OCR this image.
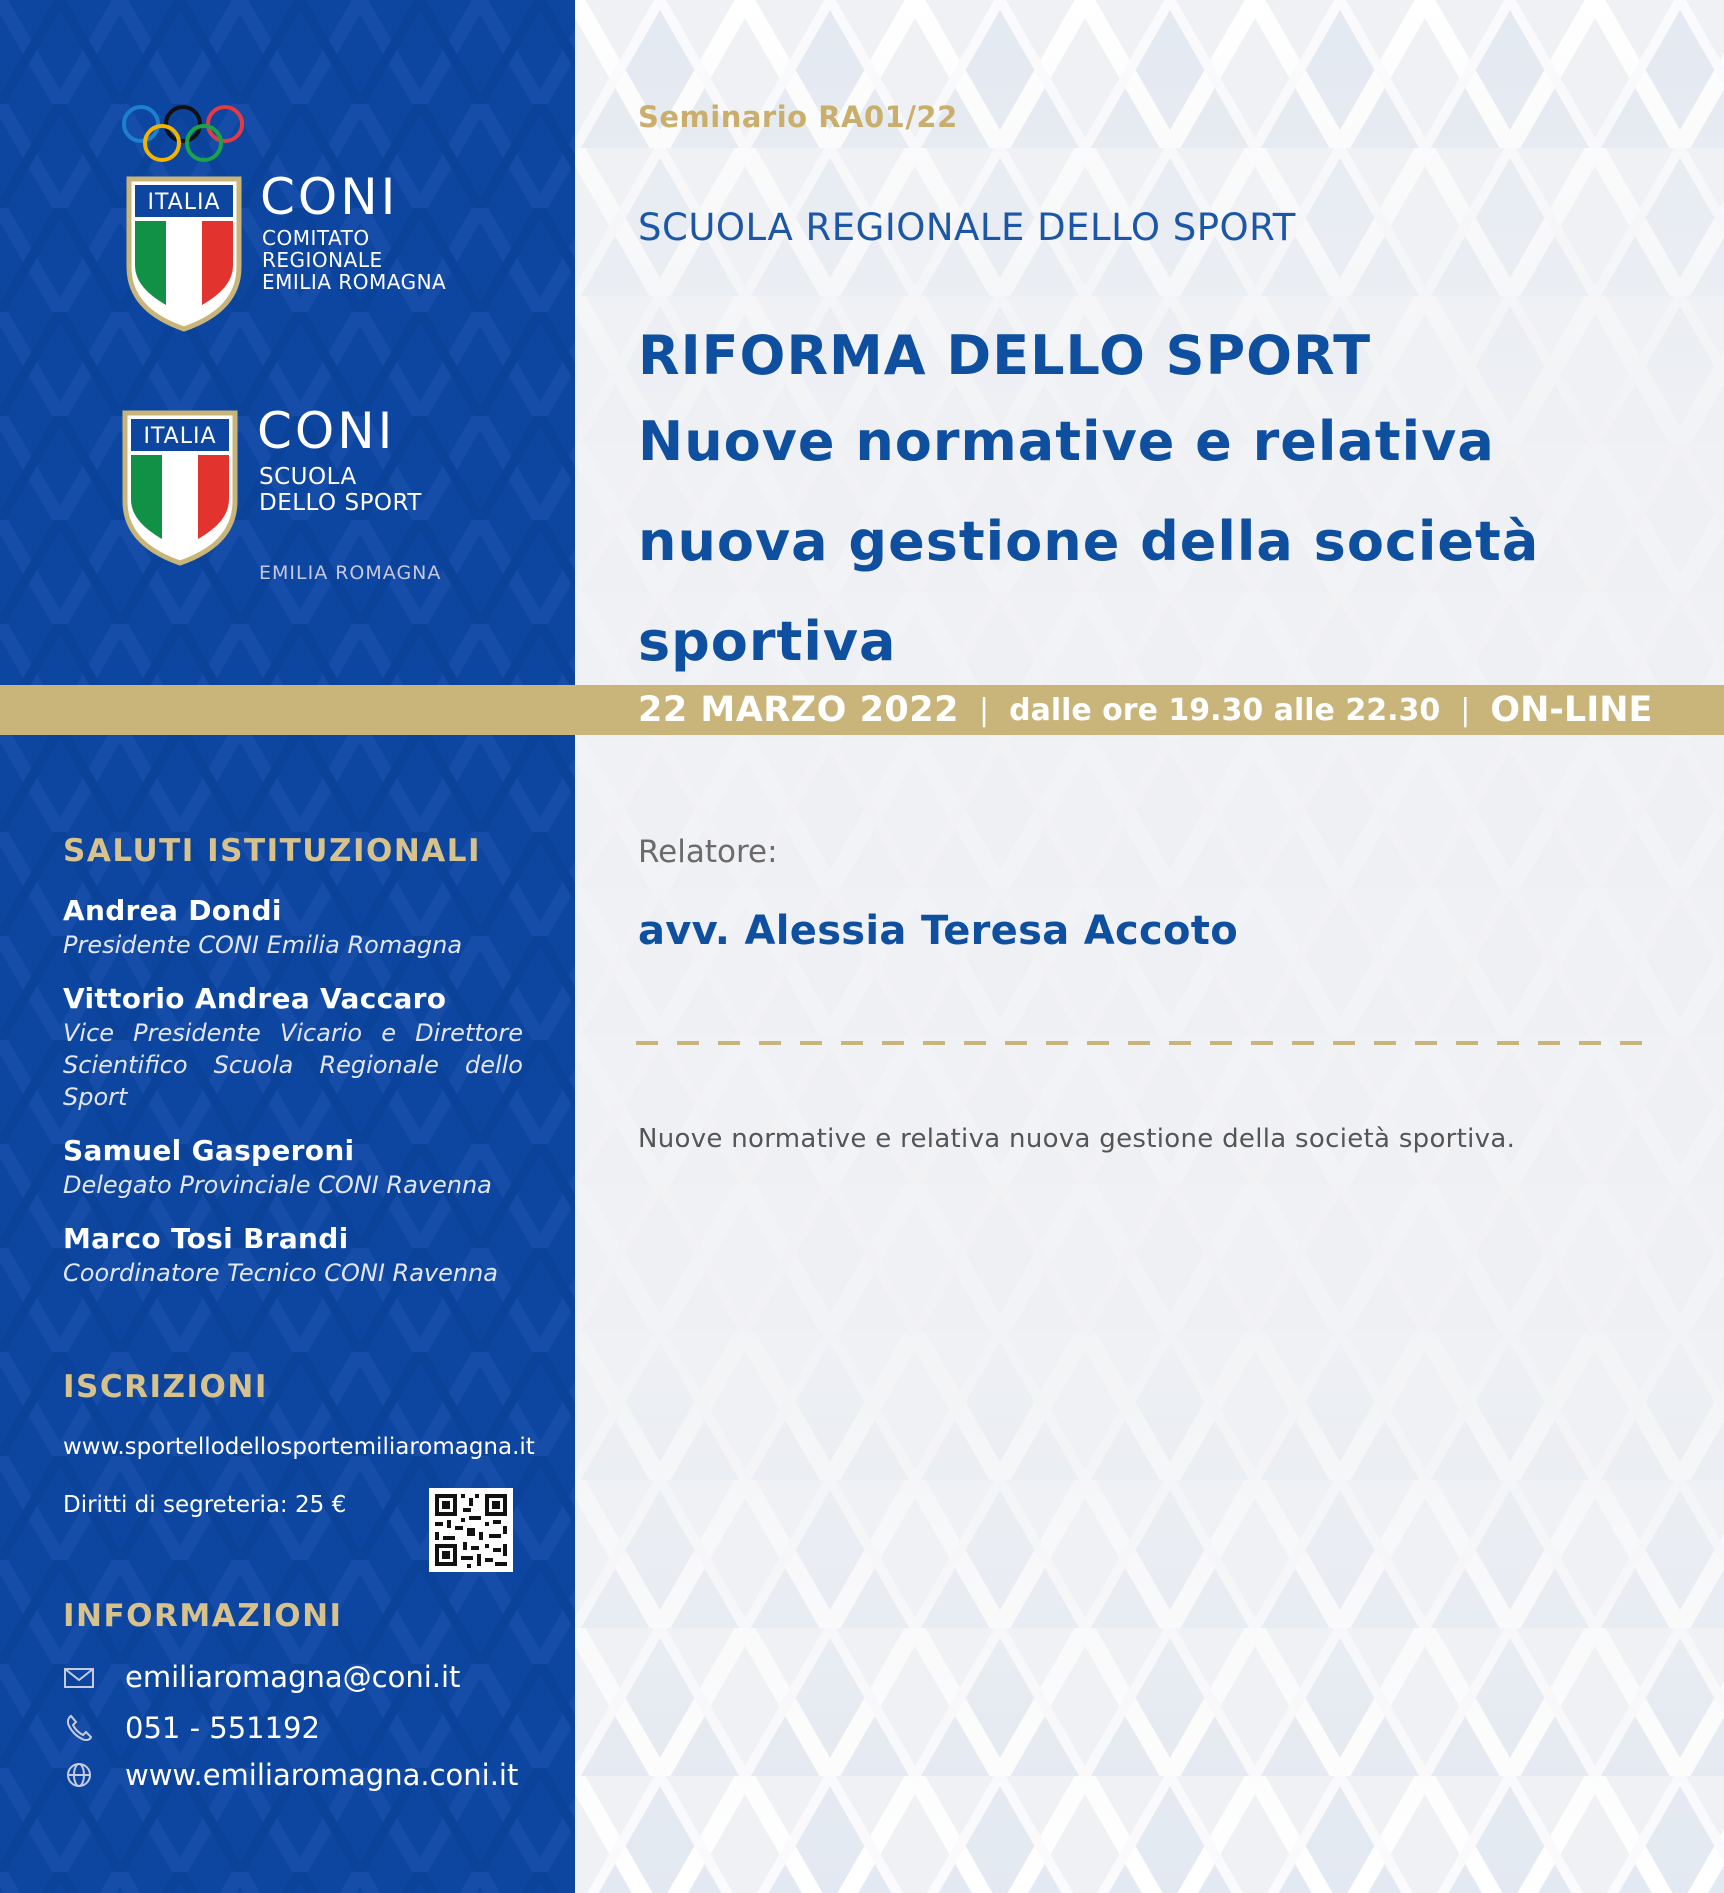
ITALIA CONI
COMITATO
REGIONALE
EMILIA ROMAGNA
ITALIA CONI
SCUOLA
DELLO SPORT
EMILIA ROMAGNA
SALUTI ISTITUZIONALI
Andrea Dondi
Presidente CONI Emilia Romagna
Vittorio Andrea Vaccaro
Vice Presidente Vicario e Direttore Scientifico Scuola Regionale dello Sport
Samuel Gasperoni
Delegato Provinciale CONI Ravenna
Marco Tosi Brandi
Coordinatore Tecnico CONI Ravenna
ISCRIZIONI
www.sportellodellosportemiliaromagna.it
Diritti di segreteria: 25 €
INFORMAZIONI
emiliaromagna@coni.it
051 - 551192
www.emiliaromagna.coni.it
Seminario RA01/22
SCUOLA REGIONALE DELLO SPORT
RIFORMA DELLO SPORT
Nuove normative e relativa nuova gestione della società sportiva
22 MARZO 2022 | dalle ore 19.30 alle 22.30 | ON-LINE
Relatore:
avv. Alessia Teresa Accoto
Nuove normative e relativa nuova gestione della società sportiva.
